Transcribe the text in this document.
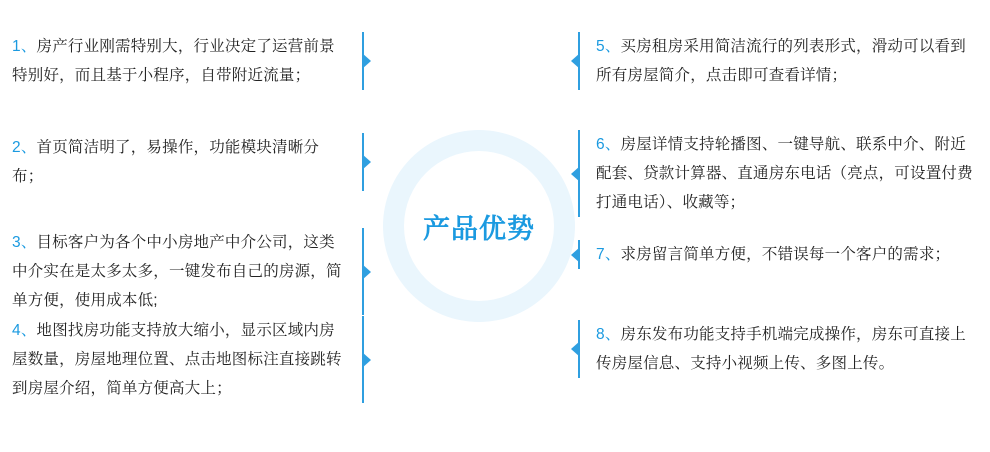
产品优势
1、房产行业刚需特别大，行业决定了运营前景特别好，而且基于小程序，自带附近流量；
2、首页简洁明了，易操作，功能模块清晰分布；
3、目标客户为各个中小房地产中介公司，这类中介实在是太多太多，一键发布自己的房源，简单方便，使用成本低;
4、地图找房功能支持放大缩小，显示区域内房屋数量，房屋地理位置、点击地图标注直接跳转到房屋介绍，简单方便高大上；
5、买房租房采用简洁流行的列表形式，滑动可以看到所有房屋简介，点击即可查看详情；
6、房屋详情支持轮播图、一键导航、联系中介、附近配套、贷款计算器、直通房东电话（亮点，可设置付费打通电话）、收藏等；
7、求房留言简单方便，不错误每一个客户的需求；
8、房东发布功能支持手机端完成操作，房东可直接上传房屋信息、支持小视频上传、多图上传。
